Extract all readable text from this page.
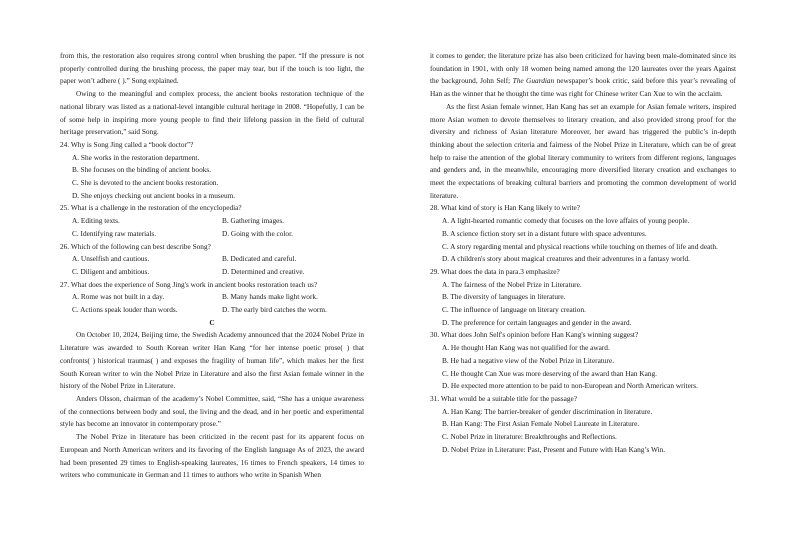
from this, the restoration also requires strong control when brushing the paper. “If the pressure is not properly controlled during the brushing process, the paper may tear, but if the touch is too light, the paper won’t adhere ( ).” Song explained.

Owing to the meaningful and complex process, the ancient books restoration technique of the national library was listed as a national-level intangible cultural heritage in 2008. “Hopefully, I can be of some help in inspiring more young people to find their lifelong passion in the field of cultural heritage preservation,” said Song.

24. Why is Song Jing called a “book doctor”?

A. She works in the restoration department.

B. She focuses on the binding of ancient books.

C. She is devoted to the ancient books restoration.

D. She enjoys checking out ancient books in a museum.

25. What is a challenge in the restoration of the encyclopedia?

A. Editing texts.	B. Gathering images.

C. Identifying raw materials.	D. Going with the color.

26. Which of the following can best describe Song?

A. Unselfish and cautious.	B. Dedicated and careful.

C. Diligent and ambitious.	D. Determined and creative.

27. What does the experience of Song Jing's work in ancient books restoration teach us?

A. Rome was not built in a day.	B. Many hands make light work.

C. Actions speak louder than words.	D. The early bird catches the worm.

C

On October 10, 2024, Beijing time, the Swedish Academy announced that the 2024 Nobel Prize in Literature was awarded to South Korean writer Han Kang “for her intense poetic prose( ) that confronts( ) historical traumas( ) and exposes the fragility of human life”, which makes her the first South Korean writer to win the Nobel Prize in Literature and also the first Asian female winner in the history of the Nobel Prize in Literature.

Anders Olsson, chairman of the academy’s Nobel Committee, said, “She has a unique awareness of the connections between body and soul, the living and the dead, and in her poetic and experimental style has become an innovator in contemporary prose.”

The Nobel Prize in literature has been criticized in the recent past for its apparent focus on European and North American writers and its favoring of the English language As of 2023, the award had been presented 29 times to English-speaking laureates, 16 times to French speakers, 14 times to writers who communicate in German and 11 times to authors who write in Spanish When

it comes to gender, the literature prize has also been criticized for having been male-dominated since its foundation in 1901, with only 18 women being named among the 120 laureates over the years Against the background, John Self; The Guardian newspaper’s book critic, said before this year’s revealing of Han as the winner that he thought the time was right for Chinese writer Can Xue to win the acclaim.

As the first Asian female winner, Han Kang has set an example for Asian female writers, inspired more Asian women to devote themselves to literary creation, and also provided strong proof for the diversity and richness of Asian literature Moreover, her award has triggered the public’s in-depth thinking about the selection criteria and fairness of the Nobel Prize in Literature, which can be of great help to raise the attention of the global literary community to writers from different regions, languages and genders and, in the meanwhile, encouraging more diversified literary creation and exchanges to meet the expectations of breaking cultural barriers and promoting the common development of world literature.

28. What kind of story is Han Kang likely to write?

A. A light-hearted romantic comedy that focuses on the love affairs of young people.

B. A science fiction story set in a distant future with space adventures.

C. A story regarding mental and physical reactions while touching on themes of life and death.

D. A children's story about magical creatures and their adventures in a fantasy world.

29. What does the data in para.3 emphasize?

A. The fairness of the Nobel Prize in Literature.

B. The diversity of languages in literature.

C. The influence of language on literary creation.

D. The preference for certain languages and gender in the award.

30. What does John Self's opinion before Han Kang's winning suggest?

A. He thought Han Kang was not qualified for the award.

B. He had a negative view of the Nobel Prize in Literature.

C. He thought Can Xue was more deserving of the award than Han Kang.

D. He expected more attention to be paid to non-European and North American writers.

31. What would be a suitable title for the passage?

A. Han Kang: The barrier-breaker of gender discrimination in literature.

B. Han Kang: The First Asian Female Nobel Laureate in Literature.

C. Nobel Prize in literature: Breakthroughs and Reflections.

D. Nobel Prize in Literature: Past, Present and Future with Han Kang’s Win.
